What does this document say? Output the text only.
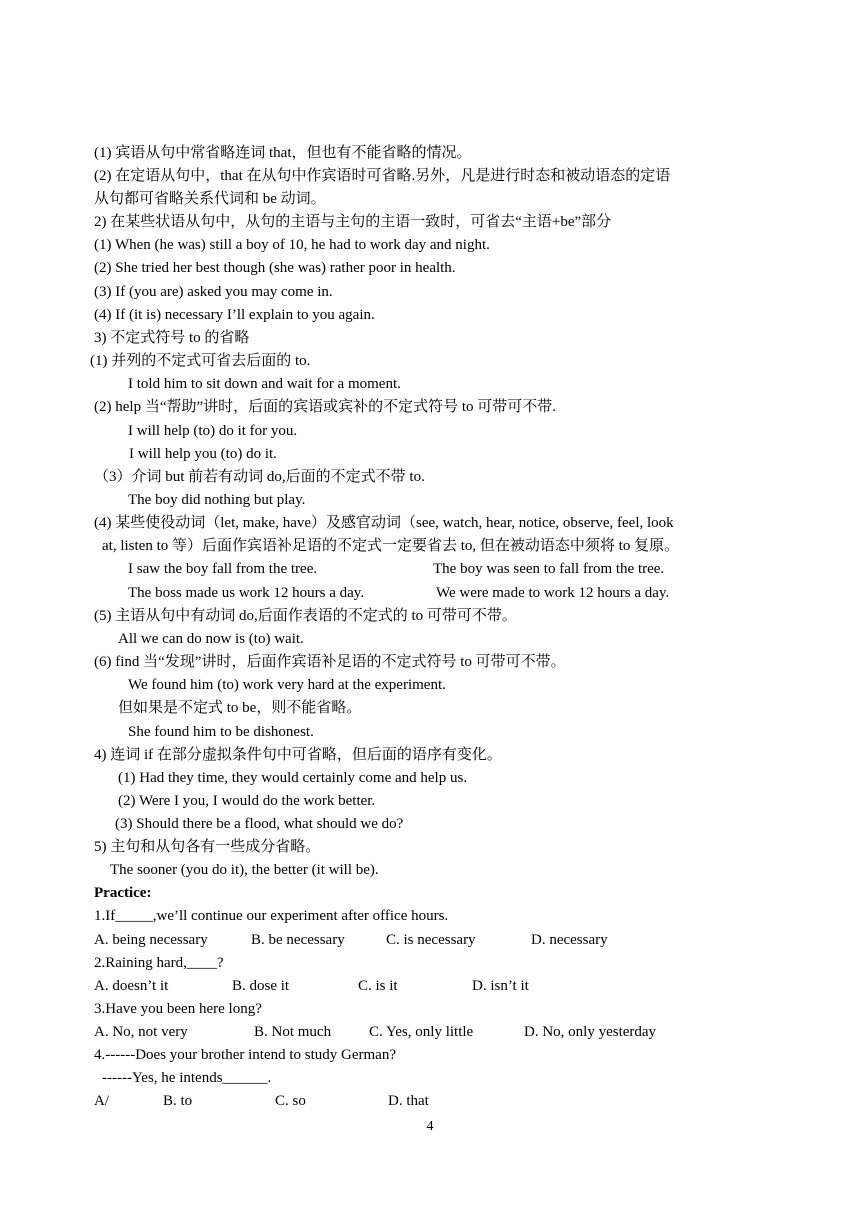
(1) 宾语从句中常省略连词 that，但也有不能省略的情况。
(2) 在定语从句中，that 在从句中作宾语时可省略.另外，凡是进行时态和被动语态的定语
从句都可省略关系代词和 be 动词。
2) 在某些状语从句中，从句的主语与主句的主语一致时，可省去“主语+be”部分
(1) When (he was) still a boy of 10, he had to work day and night.
(2) She tried her best though (she was) rather poor in health.
(3) If (you are) asked you may come in.
(4) If (it is) necessary I’ll explain to you again.
3) 不定式符号 to 的省略
(1) 并列的不定式可省去后面的 to.
I told him to sit down and wait for a moment.
(2) help 当“帮助”讲时，后面的宾语或宾补的不定式符号 to 可带可不带.
I will help (to) do it for you.
I will help you (to) do it.
（3）介词 but 前若有动词 do,后面的不定式不带 to.
The boy did nothing but play.
(4) 某些使役动词（let, make, have）及感官动词（see, watch, hear, notice, observe, feel, look
at, listen to 等）后面作宾语补足语的不定式一定要省去 to, 但在被动语态中须将 to 复原。
I saw the boy fall from the tree.	The boy was seen to fall from the tree.
The boss made us work 12 hours a day.	We were made to work 12 hours a day.
(5) 主语从句中有动词 do,后面作表语的不定式的 to 可带可不带。
All we can do now is (to) wait.
(6) find 当“发现”讲时，后面作宾语补足语的不定式符号 to 可带可不带。
We found him (to) work very hard at the experiment.
但如果是不定式 to be，则不能省略。
She found him to be dishonest.
4) 连词 if 在部分虚拟条件句中可省略，但后面的语序有变化。
(1) Had they time, they would certainly come and help us.
(2) Were I you, I would do the work better.
(3) Should there be a flood, what should we do?
5) 主句和从句各有一些成分省略。
The sooner (you do it), the better (it will be).
Practice:
1.If_____,we’ll continue our experiment after office hours.
A. being necessary	B. be necessary	C. is necessary	D. necessary
2.Raining hard,____?
A. doesn’t it	B. dose it	C. is it	D. isn’t it
3.Have you been here long?
A. No, not very	B. Not much	C. Yes, only little	D. No, only yesterday
4.------Does your brother intend to study German?
------Yes, he intends______.
A/	B. to	C. so	D. that
4
